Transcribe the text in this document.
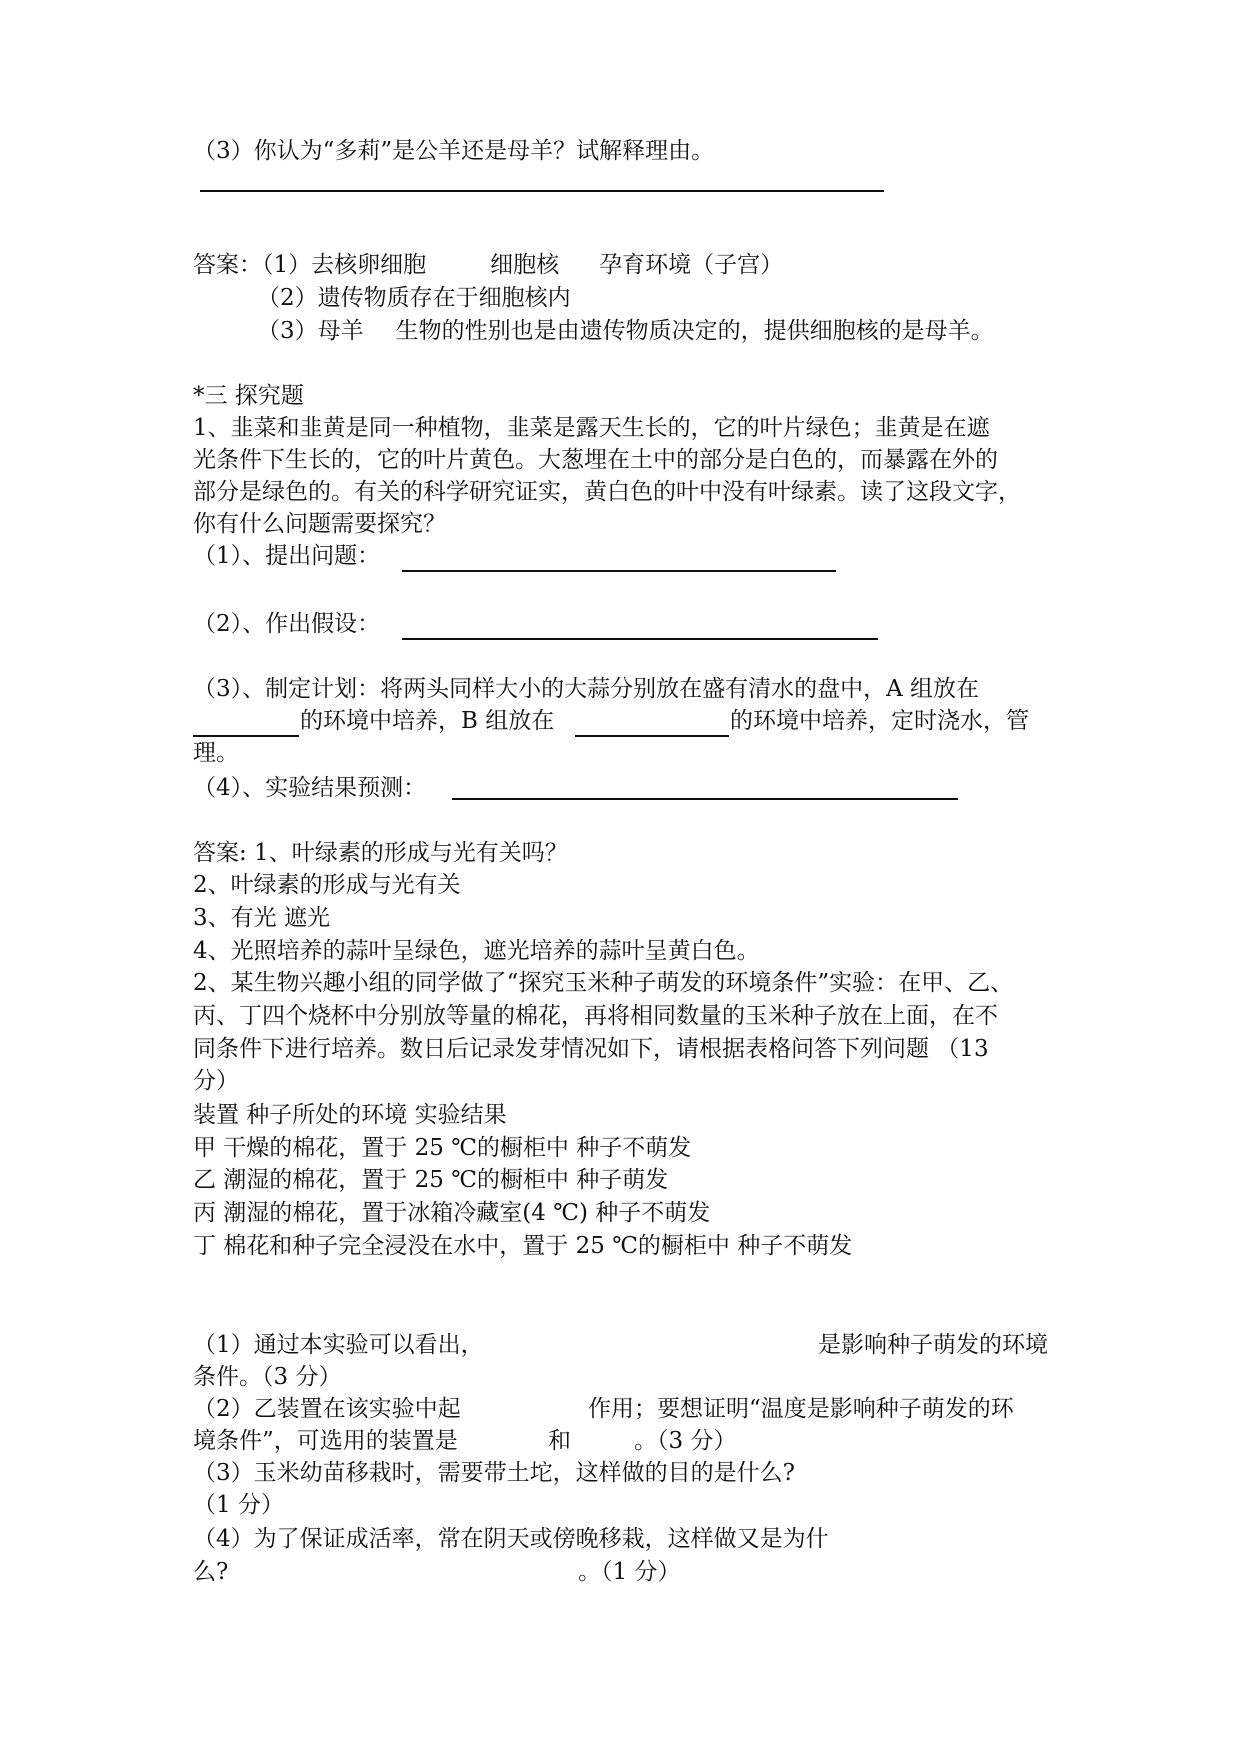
（3）你认为“多莉”是公羊还是母羊？试解释理由。
答案：（1）去核卵细胞	细胞核 孕育环境（子宫）
（2）遗传物质存在于细胞核内
（3）母羊 生物的性别也是由遗传物质决定的，提供细胞核的是母羊。
*三 探究题
1、韭菜和韭黄是同一种植物，韭菜是露天生长的，它的叶片绿色；韭黄是在遮
光条件下生长的，它的叶片黄色。大葱埋在土中的部分是白色的，而暴露在外的
部分是绿色的。有关的科学研究证实，黄白色的叶中没有叶绿素。读了这段文字，
你有什么问题需要探究？
（1）、提出问题：
（2）、作出假设：
（3）、制定计划：将两头同样大小的大蒜分别放在盛有清水的盘中，A 组放在
的环境中培养，B 组放在	的环境中培养，定时浇水，管
理。
（4）、实验结果预测：
答案: 1、叶绿素的形成与光有关吗？
2、叶绿素的形成与光有关
3、有光 遮光
4、光照培养的蒜叶呈绿色，遮光培养的蒜叶呈黄白色。
2、某生物兴趣小组的同学做了“探究玉米种子萌发的环境条件”实验：在甲、乙、
丙、丁四个烧杯中分别放等量的棉花，再将相同数量的玉米种子放在上面，在不
同条件下进行培养。数日后记录发芽情况如下，请根据表格问答下列问题 （13
分）
装置 种子所处的环境 实验结果
甲 干燥的棉花，置于 25 ℃的橱柜中 种子不萌发
乙 潮湿的棉花，置于 25 ℃的橱柜中 种子萌发
丙 潮湿的棉花，置于冰箱冷藏室(4 ℃) 种子不萌发
丁 棉花和种子完全浸没在水中，置于 25 ℃的橱柜中 种子不萌发
（1）通过本实验可以看出，	是影响种子萌发的环境
条件。（3 分）
（2）乙装置在该实验中起	作用；要想证明“温度是影响种子萌发的环
境条件”，可选用的装置是	和	。（3 分）
（3）玉米幼苗移栽时，需要带土坨，这样做的目的是什么?
（1 分）
（4）为了保证成活率，常在阴天或傍晚移栽，这样做又是为什
么?	。（1 分）
